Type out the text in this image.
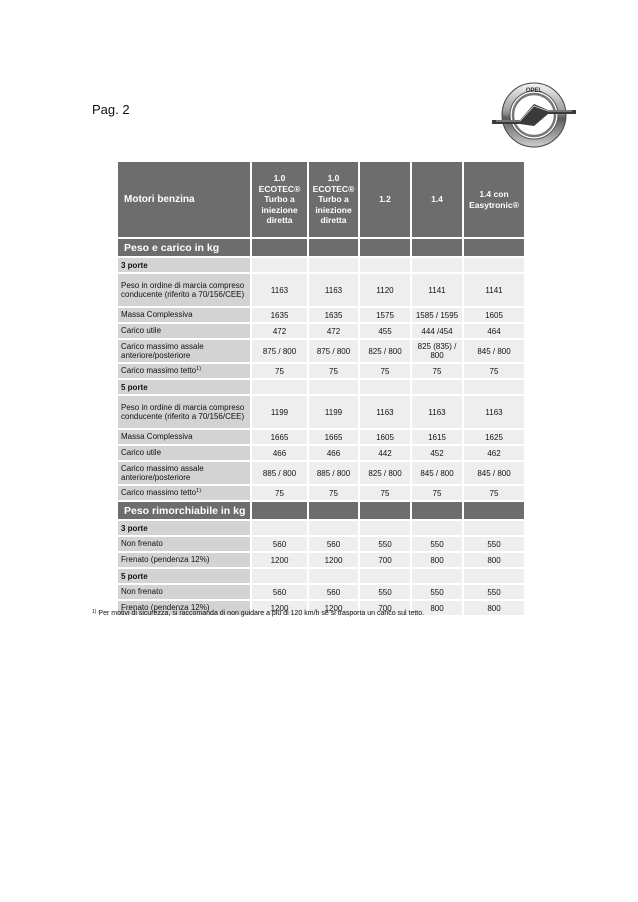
Pag. 2
OPEL
Motori benzina	1.0
ECOTEC®
Turbo a
iniezione
diretta	1.0
ECOTEC®
Turbo a
iniezione
diretta	1.2	1.4	1.4 con
Easytronic®
Peso e carico in kg					
3 porte					
Peso in ordine di marcia compreso conducente (riferito a 70/156/CEE)	1163	1163	1120	1141	1141
Massa Complessiva	1635	1635	1575	1585 / 1595	1605
Carico utile	472	472	455	444 /454	464
Carico massimo assale anteriore/posteriore	875 / 800	875 / 800	825 / 800	825 (835) / 800	845 / 800
Carico massimo tetto$^{1)}$	75	75	75	75	75
5 porte					
Peso in ordine di marcia compreso conducente (riferito a 70/156/CEE)	1199	1199	1163	1163	1163
Massa Complessiva	1665	1665	1605	1615	1625
Carico utile	466	466	442	452	462
Carico massimo assale anteriore/posteriore	885 / 800	885 / 800	825 / 800	845 / 800	845 / 800
Carico massimo tetto$^{1)}$	75	75	75	75	75
Peso rimorchiabile in kg					
3 porte					
Non frenato	560	560	550	550	550
Frenato (pendenza 12%)	1200	1200	700	800	800
5 porte					
Non frenato	560	560	550	550	550
Frenato (pendenza 12%)	1200	1200	700	800	800
$^{1)}$ Per motivi di sicurezza, si raccomanda di non guidare a più di 120 km/h se si trasporta un carico sul tetto.
